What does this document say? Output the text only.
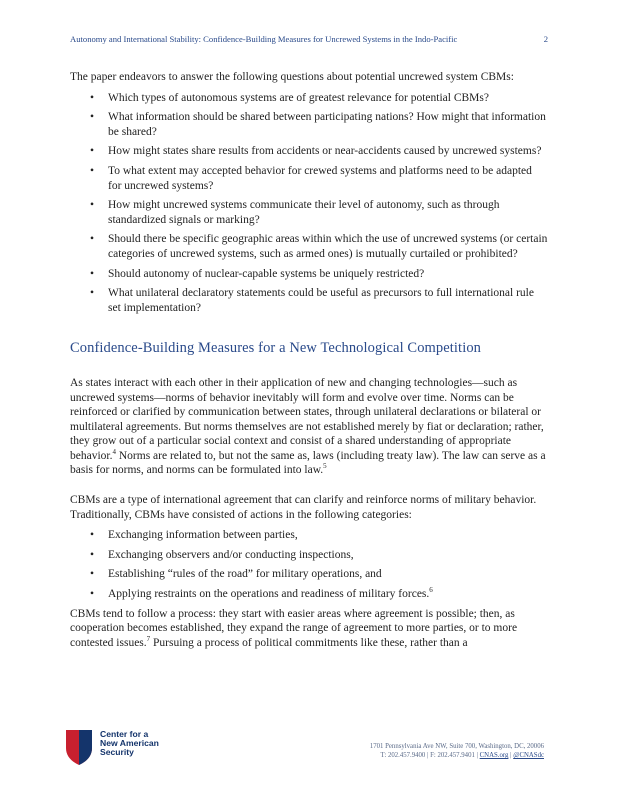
Autonomy and International Stability: Confidence-Building Measures for Uncrewed Systems in the Indo-Pacific	2

The paper endeavors to answer the following questions about potential uncrewed system CBMs:

• Which types of autonomous systems are of greatest relevance for potential CBMs?
• What information should be shared between participating nations? How might that information be shared?
• How might states share results from accidents or near-accidents caused by uncrewed systems?
• To what extent may accepted behavior for crewed systems and platforms need to be adapted for uncrewed systems?
• How might uncrewed systems communicate their level of autonomy, such as through standardized signals or marking?
• Should there be specific geographic areas within which the use of uncrewed systems (or certain categories of uncrewed systems, such as armed ones) is mutually curtailed or prohibited?
• Should autonomy of nuclear-capable systems be uniquely restricted?
• What unilateral declaratory statements could be useful as precursors to full international rule set implementation?
Confidence-Building Measures for a New Technological Competition

As states interact with each other in their application of new and changing technologies—such as uncrewed systems—norms of behavior inevitably will form and evolve over time. Norms can be reinforced or clarified by communication between states, through unilateral declarations or bilateral or multilateral agreements. But norms themselves are not established merely by fiat or declaration; rather, they grow out of a particular social context and consist of a shared understanding of appropriate behavior.$^4$ Norms are related to, but not the same as, laws (including treaty law). The law can serve as a basis for norms, and norms can be formulated into law.$^5$

CBMs are a type of international agreement that can clarify and reinforce norms of military behavior. Traditionally, CBMs have consisted of actions in the following categories:

• Exchanging information between parties,
• Exchanging observers and/or conducting inspections,
• Establishing “rules of the road” for military operations, and
• Applying restraints on the operations and readiness of military forces.$^6$

CBMs tend to follow a process: they start with easier areas where agreement is possible; then, as cooperation becomes established, they expand the range of agreement to more parties, or to more contested issues.$^7$ Pursuing a process of political commitments like these, rather than a

Center for a
New American
Security
1701 Pennsylvania Ave NW, Suite 700, Washington, DC, 20006
T: 202.457.9400 | F: 202.457.9401 | CNAS.org | @CNASdc
